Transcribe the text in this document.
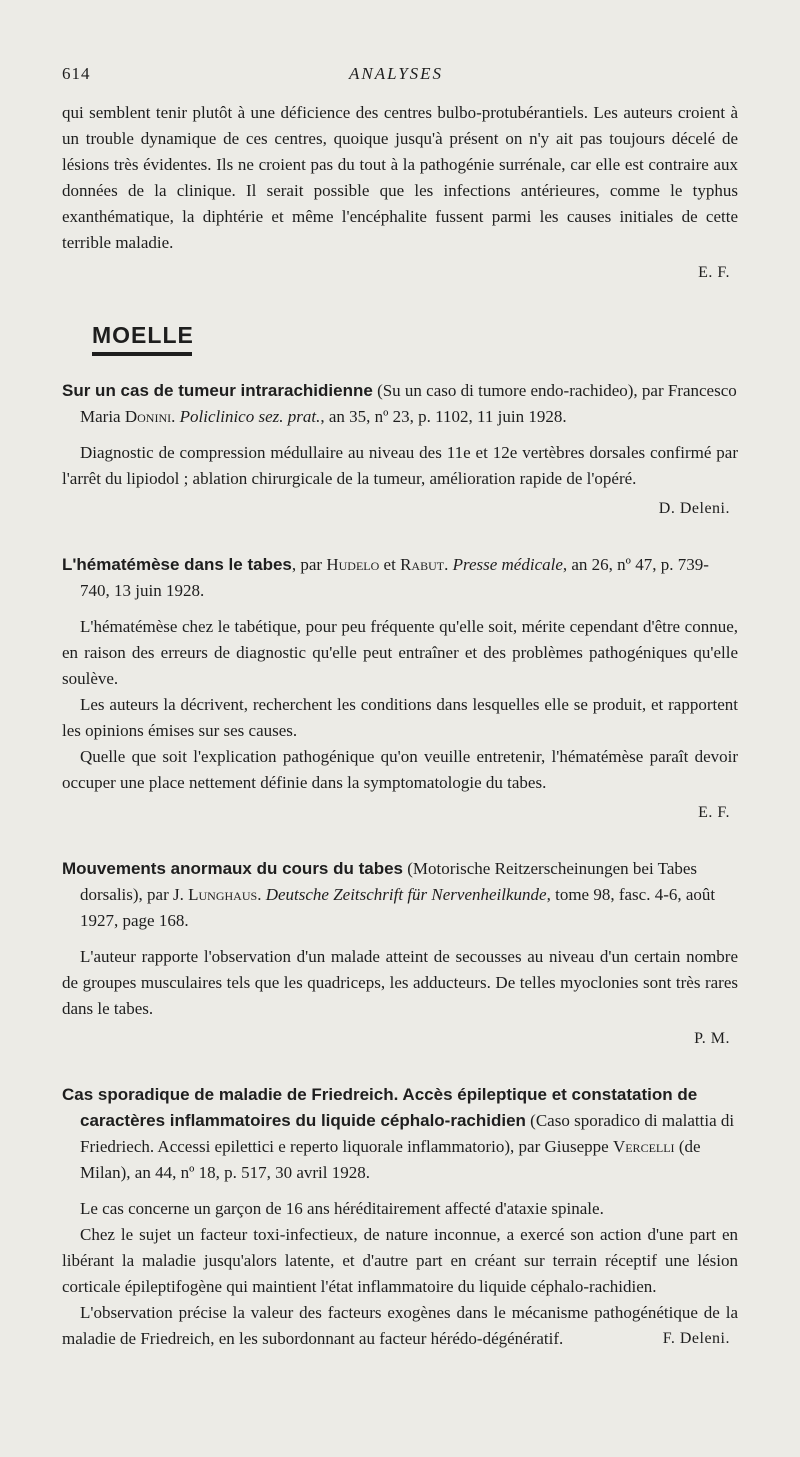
614	ANALYSES

qui semblent tenir plutôt à une déficience des centres bulbo-protubérantiels. Les auteurs croient à un trouble dynamique de ces centres, quoique jusqu'à présent on n'y ait pas toujours décelé de lésions très évidentes. Ils ne croient pas du tout à la pathogénie surrénale, car elle est contraire aux données de la clinique. Il serait possible que les infections antérieures, comme le typhus exanthématique, la diphtérie et même l'encéphalite fussent parmi les causes initiales de cette terrible maladie.

E. F.

MOELLE
Sur un cas de tumeur intrarachidienne (Su un caso di tumore endo-rachideo), par Francesco Maria Donini. Policlinico sez. prat., an 35, nº 23, p. 1102, 11 juin 1928.

Diagnostic de compression médullaire au niveau des 11e et 12e vertèbres dorsales confirmé par l'arrêt du lipiodol ; ablation chirurgicale de la tumeur, amélioration rapide de l'opéré.

D. Deleni.

L'hématémèse dans le tabes, par Hudelo et Rabut. Presse médicale, an 26, nº 47, p. 739-740, 13 juin 1928.

L'hématémèse chez le tabétique, pour peu fréquente qu'elle soit, mérite cependant d'être connue, en raison des erreurs de diagnostic qu'elle peut entraîner et des problèmes pathogéniques qu'elle soulève.

Les auteurs la décrivent, recherchent les conditions dans lesquelles elle se produit, et rapportent les opinions émises sur ses causes.

Quelle que soit l'explication pathogénique qu'on veuille entretenir, l'hématémèse paraît devoir occuper une place nettement définie dans la symptomatologie du tabes.

E. F.

Mouvements anormaux du cours du tabes (Motorische Reitzerscheinungen bei Tabes dorsalis), par J. Lunghaus. Deutsche Zeitschrift für Nervenheilkunde, tome 98, fasc. 4-6, août 1927, page 168.

L'auteur rapporte l'observation d'un malade atteint de secousses au niveau d'un certain nombre de groupes musculaires tels que les quadriceps, les adducteurs. De telles myoclonies sont très rares dans le tabes.

P. M.

Cas sporadique de maladie de Friedreich. Accès épileptique et constatation de caractères inflammatoires du liquide céphalo-rachidien (Caso sporadico di malattia di Friedriech. Accessi epilettici e reperto liquorale inflammatorio), par Giuseppe Vercelli (de Milan), an 44, nº 18, p. 517, 30 avril 1928.

Le cas concerne un garçon de 16 ans héréditairement affecté d'ataxie spinale.

Chez le sujet un facteur toxi-infectieux, de nature inconnue, a exercé son action d'une part en libérant la maladie jusqu'alors latente, et d'autre part en créant sur terrain réceptif une lésion corticale épileptifogène qui maintient l'état inflammatoire du liquide céphalo-rachidien.

L'observation précise la valeur des facteurs exogènes dans le mécanisme pathogénétique de la maladie de Friedreich, en les subordonnant au facteur hérédo-dégénératif.	F. Deleni.
